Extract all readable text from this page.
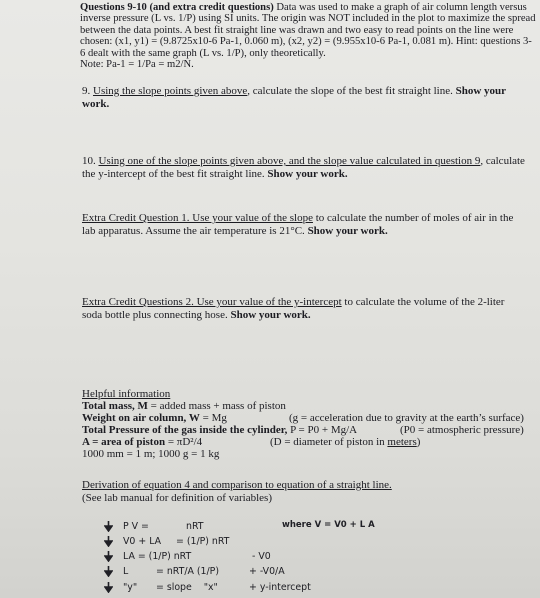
Questions 9-10 (and extra credit questions) Data was used to make a graph of air column length versus inverse pressure (L vs. 1/P) using SI units. The origin was NOT included in the plot to maximize the spread between the data points. A best fit straight line was drawn and two easy to read points on the line were chosen: (x1, y1) = (9.8725x10-6 Pa-1, 0.060 m), (x2, y2) = (9.955x10-6 Pa-1, 0.081 m). Hint: questions 3-6 dealt with the same graph (L vs. 1/P), only theoretically.
Note: Pa-1 = 1/Pa = m2/N.
9. Using the slope points given above, calculate the slope of the best fit straight line. Show your work.
10. Using one of the slope points given above, and the slope value calculated in question 9, calculate the y-intercept of the best fit straight line. Show your work.
Extra Credit Question 1. Use your value of the slope to calculate the number of moles of air in the lab apparatus. Assume the air temperature is 21°C. Show your work.
Extra Credit Questions 2. Use your value of the y-intercept to calculate the volume of the 2-liter soda bottle plus connecting hose. Show your work.
Helpful information
Total mass, M = added mass + mass of piston
Weight on air column, W = Mg	(g = acceleration due to gravity at the earth’s surface)
Total Pressure of the gas inside the cylinder, P = P0 + Mg/A	(P0 = atmospheric pressure)
A = area of piston = πD²/4	(D = diameter of piston in meters)
1000 mm = 1 m; 1000 g = 1 kg
Derivation of equation 4 and comparison to equation of a straight line.
(See lab manual for definition of variables)
where V = V0 + L A
P V =	nRT
V0 + LA = (1/P) nRT
LA = (1/P) nRT	- V0
L	= nRT/A (1/P)	+ -V0/A
"y" = slope    "x"	+ y-intercept
